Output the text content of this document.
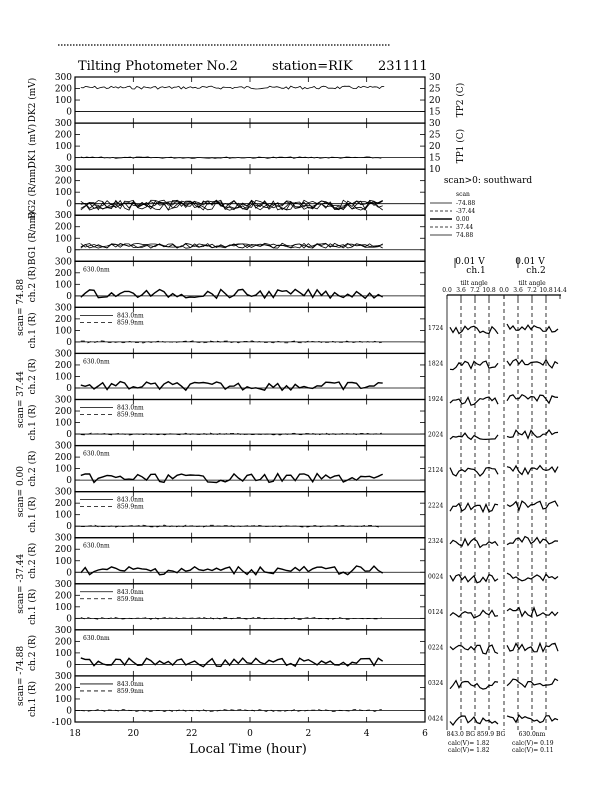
Tilting Photometer No.2	station=RIK 231111
300
200
100
0
30
25
20
15 TP2 (C)
DK2 (mV)
300
200
100
0
30
25
20
15
10
TP1 (C)
DK1 (mV)
300
200
100
0
BG2 (R/nm) 300
200
100
0
BG1 (R/nm) 300
200
100
0
ch.2 (R)
scan= 74.88
630.0nm
300
200
100
0
ch.1 (R)	843.0nm
859.9nm
300
200
100
0
ch.2 (R)
scan= 37.44
630.0nm
300
200
100
0
ch.1 (R)	843.0nm
859.9nm
300
200
100
0
ch.2 (R)
scan= 0.00
630.0nm
300
200
100
0
ch.1 (R)	843.0nm
859.9nm
300
200
100
0
ch.2 (R)
scan= -37.44
630.0nm
300
200
100
0
ch.1 (R)	843.0nm
859.9nm
300
200
100
0
ch.2 (R)
scan= -74.88
630.0nm
300
200
100
0
-100
ch.1 (R)	843.0nm
859.9nm
18	20	22	0	2	4	6
Local Time (hour)
scan>0: southward
0.01 V
ch.1
0.01 V
ch.2
tilt angle	tilt angle
843.0 BG 859.9 BG 630.0nm
calc(V)= 1.82
calc(V)= 1.82
calc(V)= 0.19
calc(V)= 0.11
scan
-74.88
-37.44
0.00
37.44
74.88
0.0 3.6 7.2 10.8 0.0 3.6 7.2 10.8 14.4
1724
1824
1924
2024
2124
2224
2324
0024
0124
0224
0324
0424
